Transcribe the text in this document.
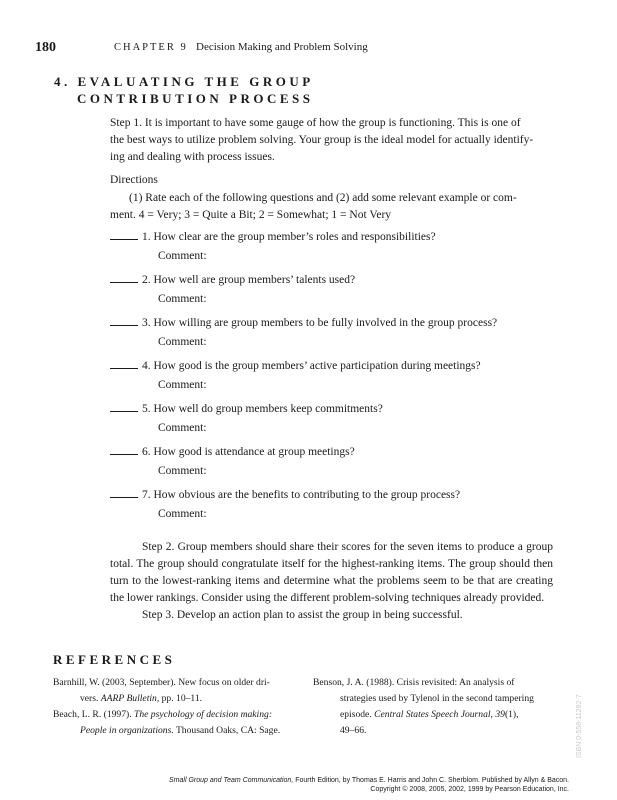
180	CHAPTER 9 Decision Making and Problem Solving
4. EVALUATING THE GROUP
CONTRIBUTION PROCESS
Step 1. It is important to have some gauge of how the group is functioning. This is one of
the best ways to utilize problem solving. Your group is the ideal model for actually identify-
ing and dealing with process issues.
Directions
(1) Rate each of the following questions and (2) add some relevant example or com-
ment. 4 = Very; 3 = Quite a Bit; 2 = Somewhat; 1 = Not Very
1. How clear are the group member’s roles and responsibilities?
Comment:
2. How well are group members’ talents used?
Comment:
3. How willing are group members to be fully involved in the group process?
Comment:
4. How good is the group members’ active participation during meetings?
Comment:
5. How well do group members keep commitments?
Comment:
6. How good is attendance at group meetings?
Comment:
7. How obvious are the benefits to contributing to the group process?
Comment:

Step 2. Group members should share their scores for the seven items to produce a group total. The group should congratulate itself for the highest-ranking items. The group should then turn to the lowest-ranking items and determine what the problems seem to be that are creating the lower rankings. Consider using the different problem-solving techniques already provided.

Step 3. Develop an action plan to assist the group in being successful.

REFERENCES
Barnhill, W. (2003, September). New focus on older dri-
vers. AARP Bulletin, pp. 10–11.
Beach, L. R. (1997). The psychology of decision making:
People in organizations. Thousand Oaks, CA: Sage.
Benson, J. A. (1988). Crisis revisited: An analysis of
strategies used by Tylenol in the second tampering
episode. Central States Speech Journal, 39(1),
49–66.	ISBN 0-558-11292-7
Small Group and Team Communication, Fourth Edition, by Thomas E. Harris and John C. Sherblom. Published by Allyn & Bacon.
Copyright © 2008, 2005, 2002, 1999 by Pearson Education, Inc.
